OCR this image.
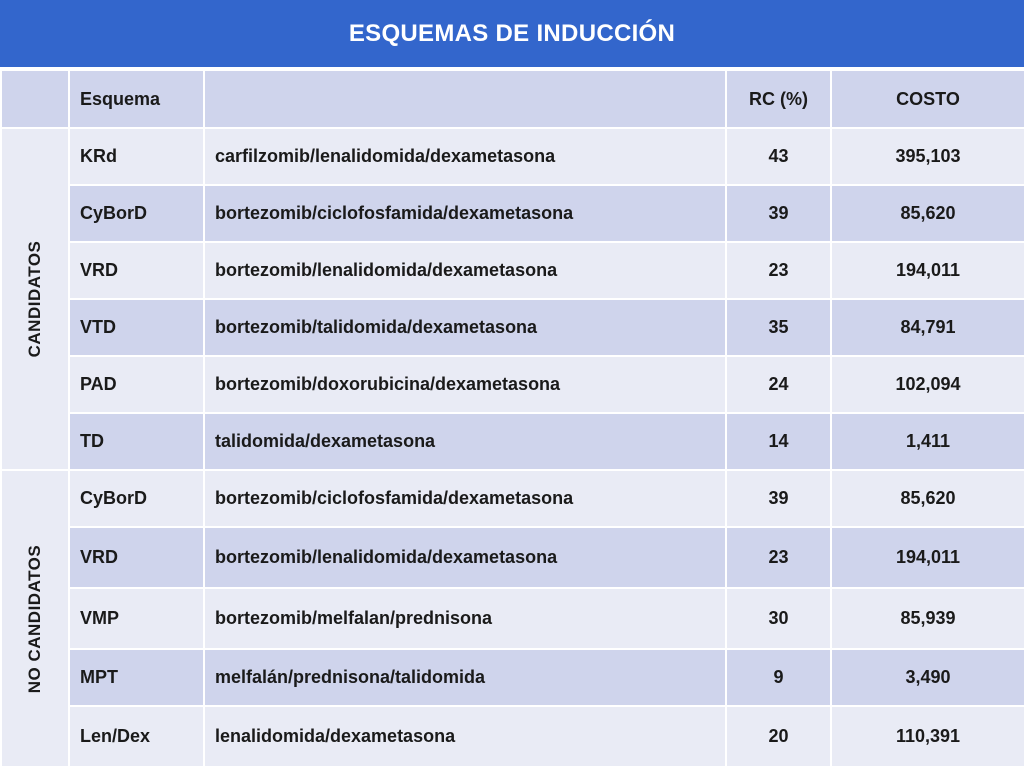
ESQUEMAS DE INDUCCIÓN
	Esquema		RC (%)	COSTO

CANDIDATOS	KRd	carfilzomib/lenalidomida/dexametasona	43	395,103
	CyBorD	bortezomib/ciclofosfamida/dexametasona	39	85,620
	VRD	bortezomib/lenalidomida/dexametasona	23	194,011
	VTD	bortezomib/talidomida/dexametasona	35	84,791
	PAD	bortezomib/doxorubicina/dexametasona	24	102,094
	TD	talidomida/dexametasona	14	1,411

NO CANDIDATOS	CyBorD	bortezomib/ciclofosfamida/dexametasona	39	85,620
	VRD	bortezomib/lenalidomida/dexametasona	23	194,011
	VMP	bortezomib/melfalan/prednisona	30	85,939
	MPT	melfalán/prednisona/talidomida	9	3,490
	Len/Dex	lenalidomida/dexametasona	20	110,391
